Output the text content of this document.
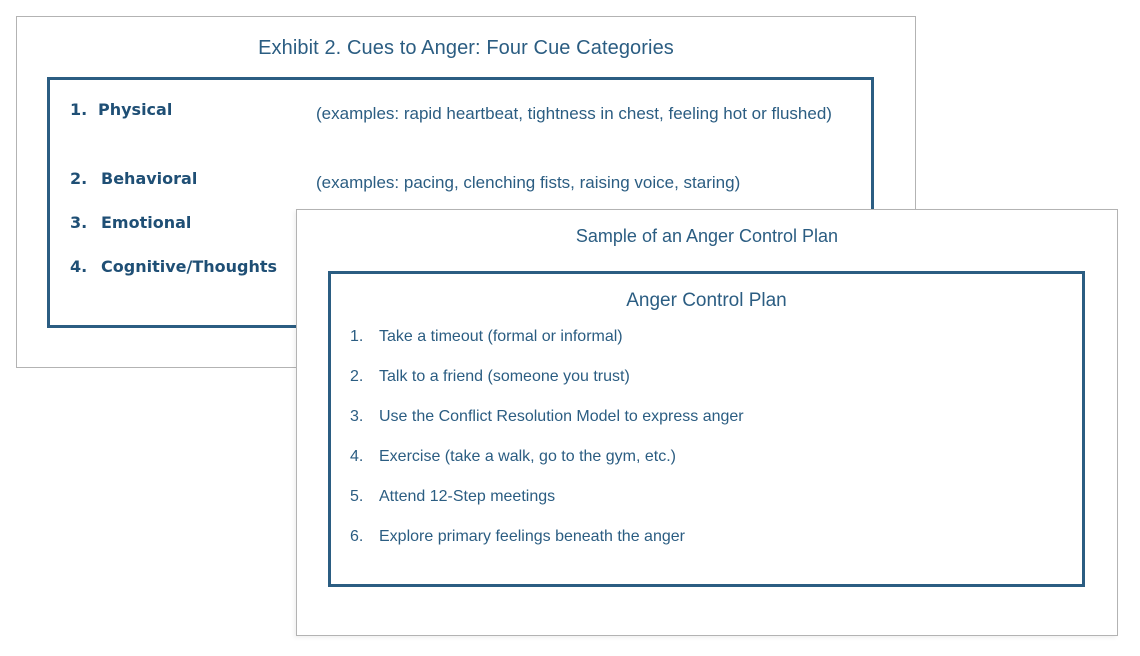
Exhibit 2. Cues to Anger: Four Cue Categories
1. Physical	(examples: rapid heartbeat, tightness in chest, feeling hot or flushed)
2. Behavioral	(examples: pacing, clenching fists, raising voice, staring)
3. Emotional
4. Cognitive/Thoughts
Sample of an Anger Control Plan
Anger Control Plan
1. Take a timeout (formal or informal)
2. Talk to a friend (someone you trust)
3. Use the Conflict Resolution Model to express anger
4. Exercise (take a walk, go to the gym, etc.)
5. Attend 12-Step meetings
6. Explore primary feelings beneath the anger
